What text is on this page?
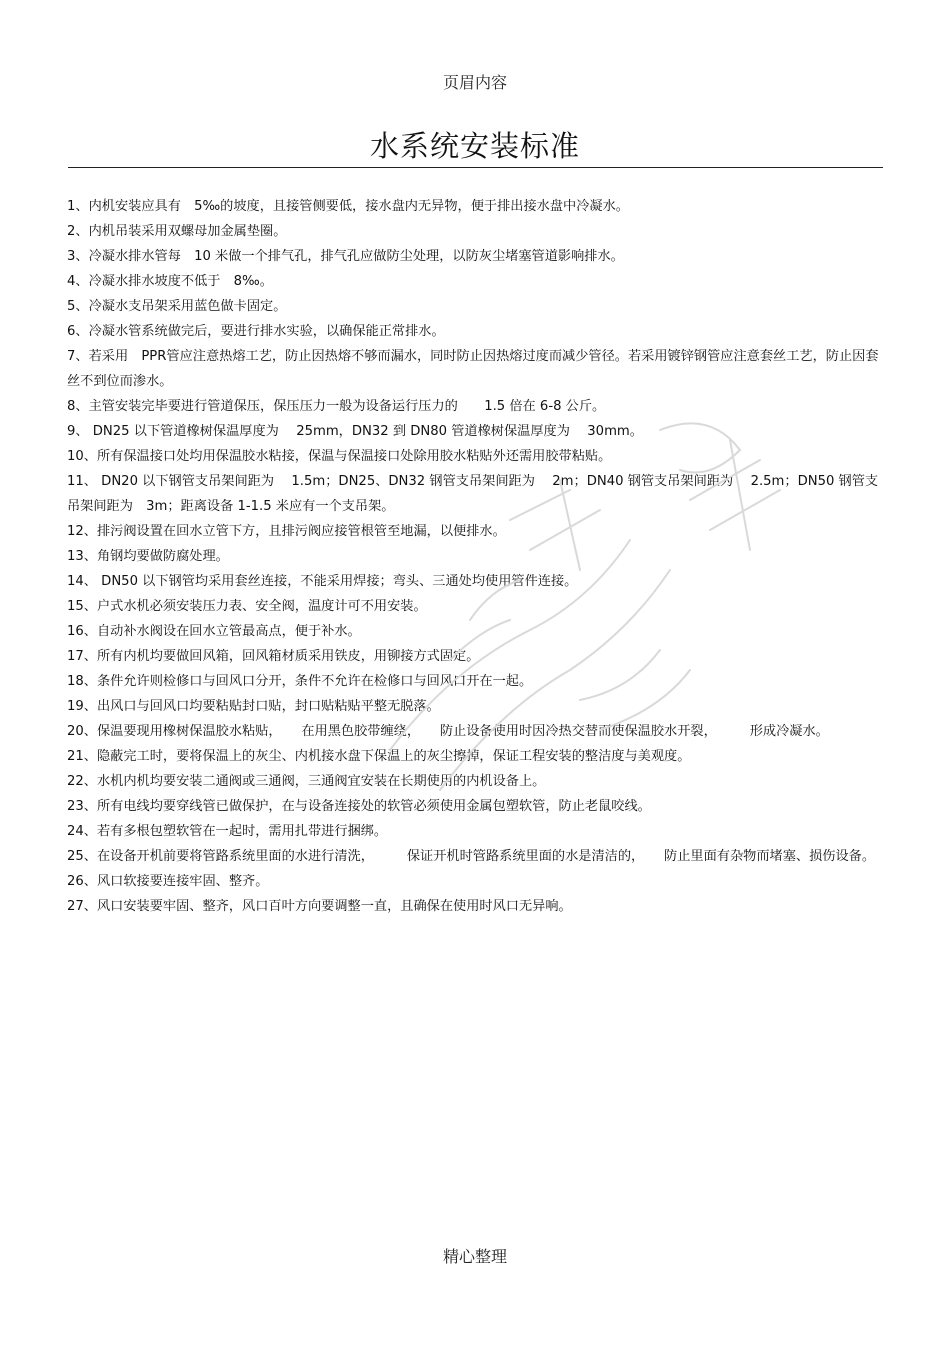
页眉内容
水系统安装标准

1、内机安装应具有　5‰的坡度，且接管侧要低，接水盘内无异物，便于排出接水盘中冷凝水。

2、内机吊装采用双螺母加金属垫圈。

3、冷凝水排水管每　10 米做一个排气孔，排气孔应做防尘处理，以防灰尘堵塞管道影响排水。

4、冷凝水排水坡度不低于　8‰。

5、冷凝水支吊架采用蓝色做卡固定。

6、冷凝水管系统做完后，要进行排水实验，以确保能正常排水。

7、若采用　PPR管应注意热熔工艺，防止因热熔不够而漏水，同时防止因热熔过度而减少管径。若采用镀锌钢管应注意套丝工艺，防止因套丝不到位而渗水。

8、主管安装完毕要进行管道保压，保压压力一般为设备运行压力的　　1.5 倍在 6-8 公斤。

9、 DN25 以下管道橡树保温厚度为　 25mm，DN32 到 DN80 管道橡树保温厚度为　 30mm。

10、所有保温接口处均用保温胶水粘接，保温与保温接口处除用胶水粘贴外还需用胶带粘贴。

11、 DN20 以下钢管支吊架间距为　 1.5m；DN25、DN32 钢管支吊架间距为　 2m；DN40 钢管支吊架间距为　 2.5m；DN50 钢管支吊架间距为　3m；距离设备 1-1.5 米应有一个支吊架。

12、排污阀设置在回水立管下方，且排污阀应接管根管至地漏，以便排水。

13、角钢均要做防腐处理。

14、 DN50 以下钢管均采用套丝连接，不能采用焊接；弯头、三通处均使用管件连接。

15、户式水机必须安装压力表、安全阀，温度计可不用安装。

16、自动补水阀设在回水立管最高点，便于补水。

17、所有内机均要做回风箱，回风箱材质采用铁皮，用铆接方式固定。

18、条件允许则检修口与回风口分开，条件不允许在检修口与回风口开在一起。

19、出风口与回风口均要粘贴封口贴，封口贴粘贴平整无脱落。

20、保温要现用橡树保温胶水粘贴，　　在用黑色胶带缠绕，　　防止设备使用时因冷热交替而使保温胶水开裂，　　　形成冷凝水。

21、隐蔽完工时，要将保温上的灰尘、内机接水盘下保温上的灰尘擦掉，保证工程安装的整洁度与美观度。

22、水机内机均要安装二通阀或三通阀，三通阀宜安装在长期使用的内机设备上。

23、所有电线均要穿线管已做保护，在与设备连接处的软管必须使用金属包塑软管，防止老鼠咬线。

24、若有多根包塑软管在一起时，需用扎带进行捆绑。

25、在设备开机前要将管路系统里面的水进行清洗，　　　保证开机时管路系统里面的水是清洁的，　　防止里面有杂物而堵塞、损伤设备。

26、风口软接要连接牢固、整齐。

27、风口安装要牢固、整齐，风口百叶方向要调整一直，且确保在使用时风口无异响。

精心整理
